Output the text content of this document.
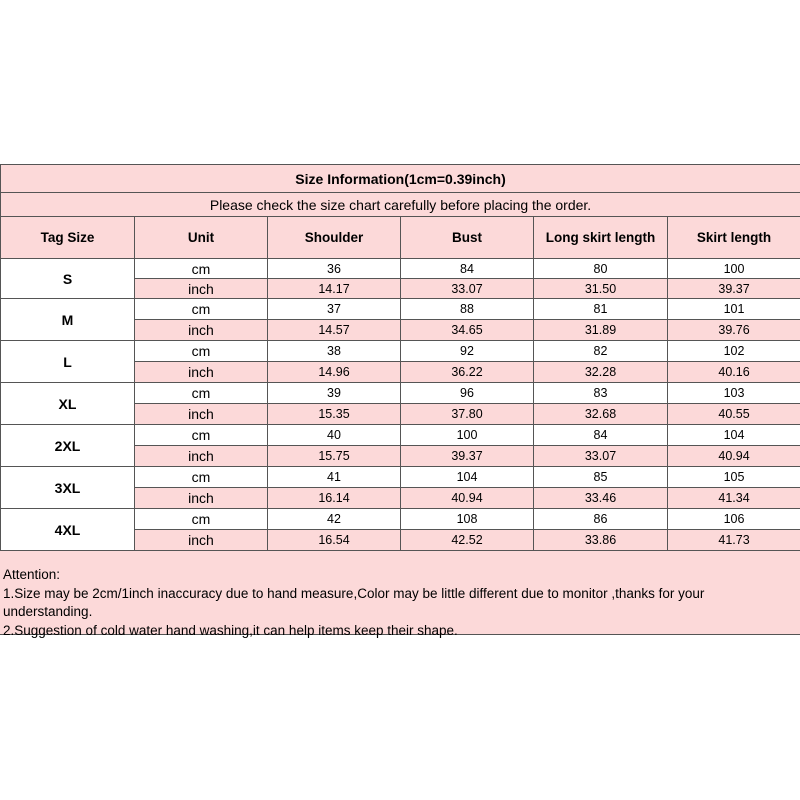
Size Information(1cm=0.39inch)					
Please check the size chart carefully before placing the order.					
Tag Size	Unit	Shoulder	Bust	Long skirt length	Skirt length
S	cm	36	84	80	100
	inch	14.17	33.07	31.50	39.37
M	cm	37	88	81	101
	inch	14.57	34.65	31.89	39.76
L	cm	38	92	82	102
	inch	14.96	36.22	32.28	40.16
XL	cm	39	96	83	103
	inch	15.35	37.80	32.68	40.55
2XL	cm	40	100	84	104
	inch	15.75	39.37	33.07	40.94
3XL	cm	41	104	85	105
	inch	16.14	40.94	33.46	41.34
4XL	cm	42	108	86	106
	inch	16.54	42.52	33.86	41.73
Attention:
1.Size may be 2cm/1inch inaccuracy due to hand measure,Color may be little different due to monitor ,thanks for your understanding.
2.Suggestion of cold water hand washing,it can help items keep their shape.
